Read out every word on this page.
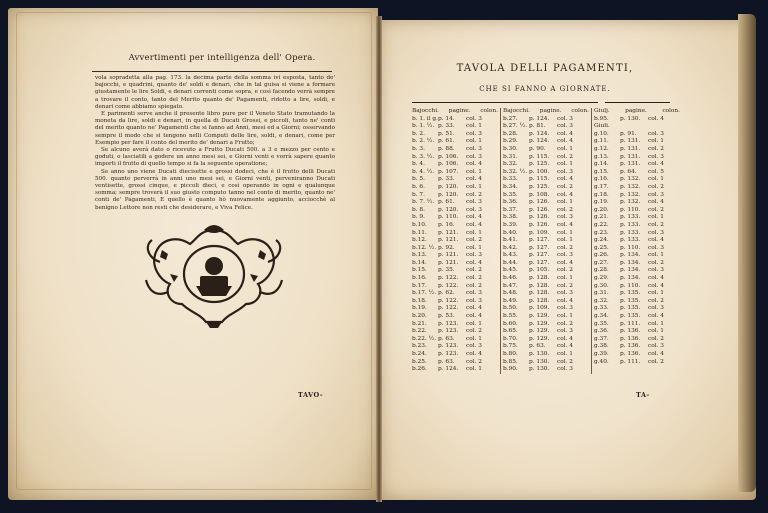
Avvertimenti per intelligenza dell' Opera.

vola sopradetta alla pag. 173. la decima parte della somma ivi esposta, tanto de' bajocchi, e quadrini, quanto de' soldi e denari, che in tal guisa si viene a formare giustamente le lire Soldi, e denari correnti come sopra, e così facendo verrà sempre a trovare il conto, tanto del Merito quanto de' Pagamenti, ridotto a lire, soldi, e denari come abbiamo spiegato.

E parimenti serve anche il presente libro pure per il Veneto Stato tramutando la moneta da lire, soldi e denari, in quella di Ducati Grossi, e piccoli, tanto ne' conti del merito quanto ne' Pagamenti che si fanno ad Anni, mesi ed a Giorni; osservando sempre il modo che si tengono nelli Computi delle lire, soldi, e denari, come per Esempio per fare il conto del merito de' denari a Frutto;

Se alcuno averà dato o ricevuto a Frutto Ducati 500. a 3 e mezzo per cento e goduti, o lasciatili a godere un anno mesi sei, e Giorni venti e vorrà sapere quanto importi il frutto di quello tempo si fa la seguente operatione;

Se anno uno viene Ducati diecisette e grossi dodeci, che è il frutto delli Ducati 500. quanto perverrà in anni uno mesi sei, e Giorni venti, perveniranno Ducati ventisette, grossi cinque, e piccoli dieci, e così operando in ogni e qualunque somma; sempre troverà il suo giusto computo tanno nel conto di merito, quanto ne' conti de' Pagamenti, E quello è quanto hò nuovamente aggiunto, acciocchè al benigno Lettore non resti che desiderare, e Viva Felice.

TAVO-
TAVOLA DELLI PAGAMENTI,
CHE SI FANNO A GIORNATE.
Bajocchi. pagine. colon.
b. 1. il g. p. 14.	col. 3
b. 1. ½. p. 33.	col. 1
b. 2.	p. 51.	col. 3
b. 2. ½. p. 61.	col. 1
b. 3.	p. 88.	col. 3
b. 3. ½. p. 106.	col. 3
b. 4.	p. 106.	col. 4
b. 4. ½. p. 107.	col. 1
b. 5.	p. 33.	col. 4
b. 6.	p. 120.	col. 1
b. 7.	p. 120.	col. 2
b. 7. ½. p. 61.	col. 3
b. 8.	p. 120.	col. 3
b. 9.	p. 110.	col. 4
b.10.	p. 16.	col. 4
b.11.	p. 121.	col. 1
b.12.	p. 121.	col. 2
b.12. ½. p. 92.	col. 1
b.13.	p. 121.	col. 3
b.14.	p. 121.	col. 4
b.15.	p. 35.	col. 2
b.16.	p. 122.	col. 2
b.17.	p. 122.	col. 2
b.17. ½. p. 62.	col. 3
b.18.	p. 122.	col. 3
b.19.	p. 122.	col. 4
b.20.	p. 53.	col. 4
b.21.	p. 123.	col. 1
b.22.	p. 123.	col. 2
b.22. ½. p. 63.	col. 1
b.23.	p. 123.	col. 3
b.24.	p. 123.	col. 4
b.25.	p. 63.	col. 2
b.26.	p. 124.	col. 1
Bajocchi. pagine. colon.
b.27.	p. 124.	col. 3
b.27. ½. p. 81.	col. 3
b.28.	p. 124.	col. 4
b.29.	p. 124.	col. 4
b.30.	p. 90.	col. 1
b.31.	p. 115.	col. 2
b.32.	p. 125.	col. 1
b.32. ½. p. 100.	col. 3
b.33.	p. 115.	col. 4
b.34.	p. 125.	col. 2
b.35.	p. 108.	col. 4
b.36.	p. 126.	col. 1
b.37.	p. 126.	col. 2
b.38.	p. 126.	col. 3
b.39.	p. 126.	col. 4
b.40.	p. 109.	col. 1
b.41.	p. 127.	col. 1
b.42.	p. 127.	col. 2
b.43.	p. 127.	col. 3
b.44.	p. 127.	col. 4
b.45.	p. 105.	col. 2
b.46.	p. 128.	col. 1
b.47.	p. 128.	col. 2
b.48.	p. 128.	col. 3
b.49.	p. 128.	col. 4
b.50.	p. 109.	col. 3
b.55.	p. 129.	col. 1
b.60.	p. 129.	col. 2
b.65.	p. 129.	col. 3
b.70.	p. 129.	col. 4
b.75.	p. 63.	col. 4
b.80.	p. 130.	col. 1
b.85.	p. 130.	col. 2
b.90.	p. 130.	col. 3
Giulj.	pagine.	colon.
b.95.	p. 130.	col. 4
Giuli.
g.10.	p. 91.	col. 3
g.11.	p. 131.	col. 1
g.12.	p. 131.	col. 2
g.13.	p. 131.	col. 3
g.14.	p. 131.	col. 4
g.15.	p. 64.	col. 5
g.16.	p. 132.	col. 1
g.17.	p. 132.	col. 2
g.18.	p. 132.	col. 3
g.19.	p. 132.	col. 4
g.20.	p. 110.	col. 2
g.21.	p. 133.	col. 1
g.22.	p. 133.	col. 2
g.23.	p. 133.	col. 3
g.24.	p. 133.	col. 4
g.25.	p. 110.	col. 3
g.26.	p. 134.	col. 1
g.27.	p. 134.	col. 2
g.28.	p. 134.	col. 3
g.29.	p. 134.	col. 4
g.30.	p. 110.	col. 4
g.31.	p. 135.	col. 1
g.32.	p. 135.	col. 2
g.33.	p. 135.	col. 3
g.34.	p. 135.	col. 4
g.35.	p. 111.	col. 1
g.36.	p. 136.	col. 1
g.37.	p. 136.	col. 2
g.38.	p. 136.	col. 3
g.39.	p. 136.	col. 4
g.40.	p. 111.	col. 2
TA-
